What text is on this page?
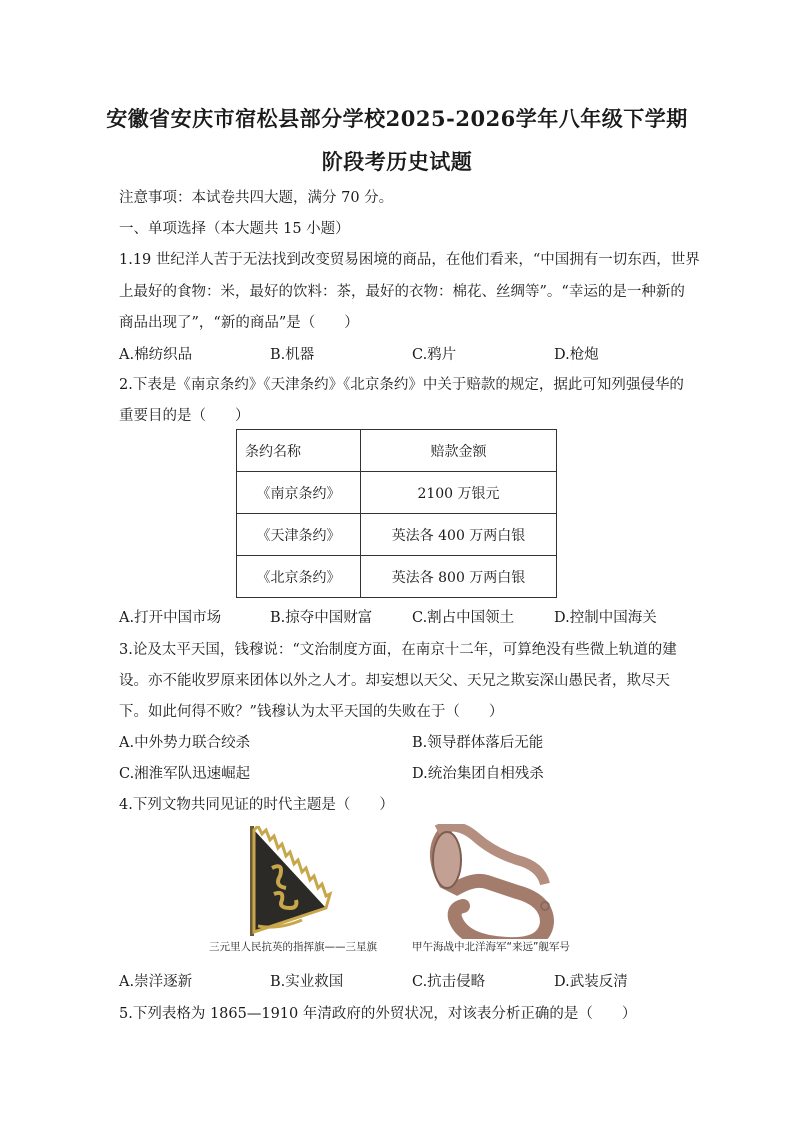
安徽省安庆市宿松县部分学校2025-2026学年八年级下学期
阶段考历史试题
注意事项：本试卷共四大题，满分 70 分。
一、单项选择（本大题共 15 小题）
1.19 世纪洋人苦于无法找到改变贸易困境的商品，在他们看来，“中国拥有一切东西，世界
上最好的食物：米，最好的饮料：茶，最好的衣物：棉花、丝绸等”。“幸运的是一种新的
商品出现了”，“新的商品”是（　　）
A.棉纺织品	B.机器	C.鸦片	D.枪炮
2.下表是《南京条约》《天津条约》《北京条约》中关于赔款的规定，据此可知列强侵华的
重要目的是（　　）
条约名称	赔款金额
《南京条约》	2100 万银元
《天津条约》	英法各 400 万两白银
《北京条约》	英法各 800 万两白银
A.打开中国市场	B.掠夺中国财富	C.割占中国领土	D.控制中国海关
3.论及太平天国，钱穆说：“文治制度方面，在南京十二年，可算绝没有些微上轨道的建
设。亦不能收罗原来团体以外之人才。却妄想以天父、天兄之欺妄深山愚民者，欺尽天
下。如此何得不败？”钱穆认为太平天国的失败在于（　　）
A.中外势力联合绞杀	B.领导群体落后无能
C.湘淮军队迅速崛起	D.统治集团自相残杀
4.下列文物共同见证的时代主题是（　　）
三元里人民抗英的指挥旗——三星旗	甲午海战中北洋海军“来远”舰军号
A.崇洋逐新	B.实业救国	C.抗击侵略	D.武装反清
5.下列表格为 1865—1910 年清政府的外贸状况，对该表分析正确的是（　　）
